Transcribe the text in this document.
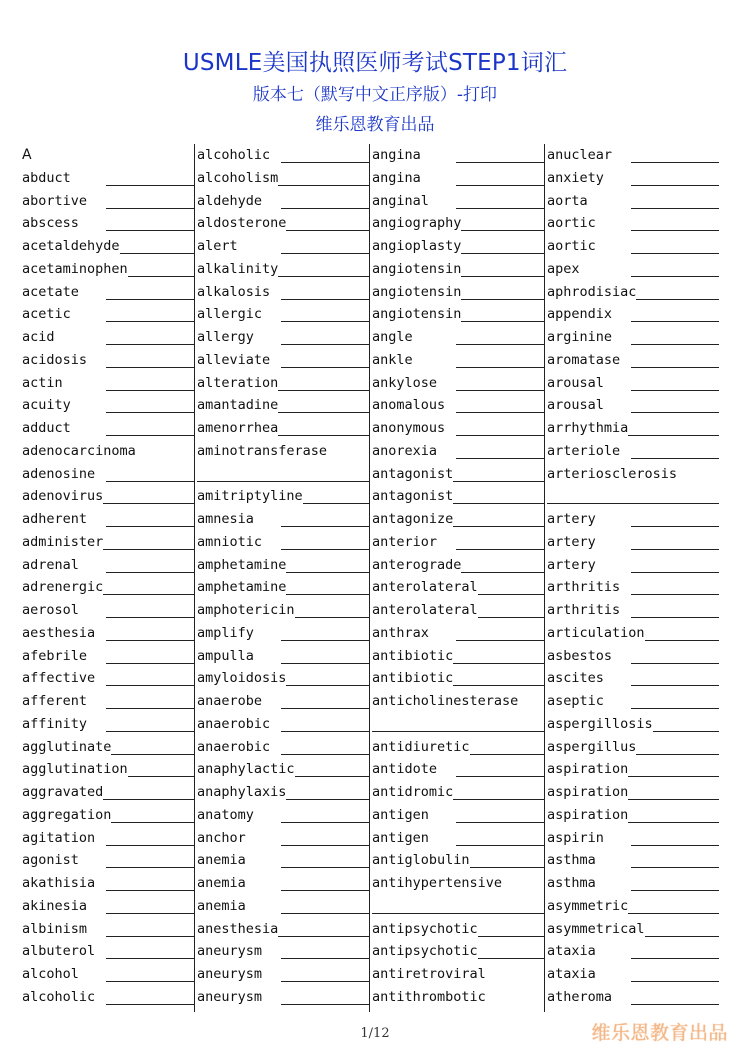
USMLE美国执照医师考试STEP1词汇
版本七（默写中文正序版）-打印
维乐恩教育出品
A
abduct
abortive
abscess
acetaldehyde
acetaminophen
acetate
acetic
acid
acidosis
actin
acuity
adduct
adenocarcinoma
adenosine
adenovirus
adherent
administer
adrenal
adrenergic
aerosol
aesthesia
afebrile
affective
afferent
affinity
agglutinate
agglutination
aggravated
aggregation
agitation
agonist
akathisia
akinesia
albinism
albuterol
alcohol
alcoholic
alcoholic
alcoholism
aldehyde
aldosterone
alert
alkalinity
alkalosis
allergic
allergy
alleviate
alteration
amantadine
amenorrhea
aminotransferase
amitriptyline
amnesia
amniotic
amphetamine
amphetamine
amphotericin
amplify
ampulla
amyloidosis
anaerobe
anaerobic
anaerobic
anaphylactic
anaphylaxis
anatomy
anchor
anemia
anemia
anemia
anesthesia
aneurysm
aneurysm
aneurysm
angina
angina
anginal
angiography
angioplasty
angiotensin
angiotensin
angiotensin
angle
ankle
ankylose
anomalous
anonymous
anorexia
antagonist
antagonist
antagonize
anterior
anterograde
anterolateral
anterolateral
anthrax
antibiotic
antibiotic
anticholinesterase
antidiuretic
antidote
antidromic
antigen
antigen
antiglobulin
antihypertensive
antipsychotic
antipsychotic
antiretroviral
antithrombotic
anuclear
anxiety
aorta
aortic
aortic
apex
aphrodisiac
appendix
arginine
aromatase
arousal
arousal
arrhythmia
arteriole
arteriosclerosis
artery
artery
artery
arthritis
arthritis
articulation
asbestos
ascites
aseptic
aspergillosis
aspergillus
aspiration
aspiration
aspiration
aspirin
asthma
asthma
asymmetric
asymmetrical
ataxia
ataxia
atheroma
1/12	维乐恩教育出品
